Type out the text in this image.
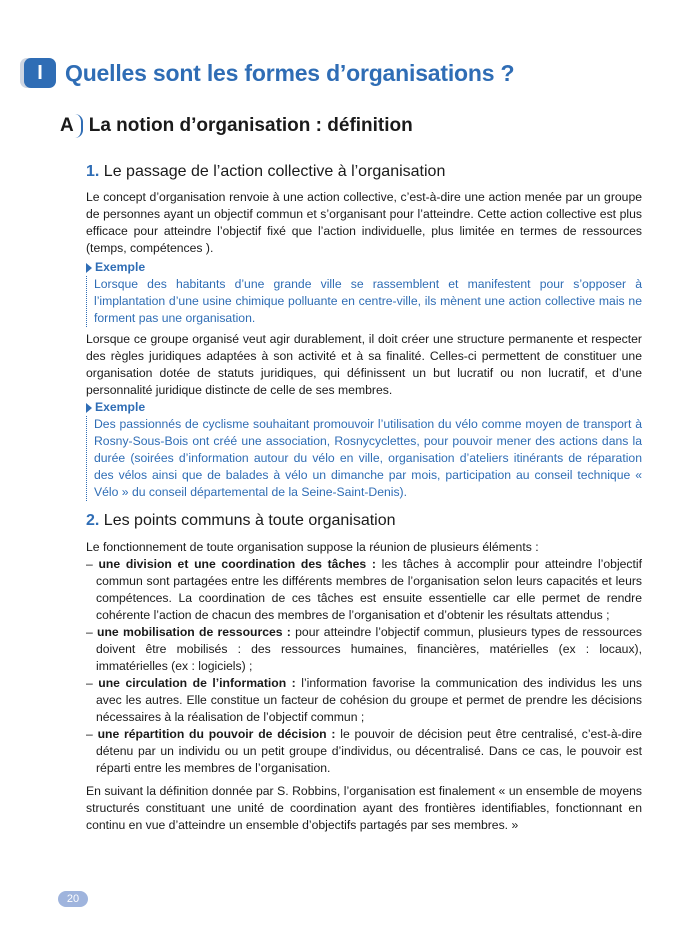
I Quelles sont les formes d’organisations ?
A La notion d’organisation : définition
1. Le passage de l’action collective à l’organisation
Le concept d’organisation renvoie à une action collective, c’est-à-dire une action menée par un groupe de personnes ayant un objectif commun et s’organisant pour l’atteindre. Cette action collective est plus efficace pour atteindre l’objectif fixé que l’action individuelle, plus limitée en termes de ressources (temps, compétences ).
Exemple
Lorsque des habitants d’une grande ville se rassemblent et manifestent pour s’opposer à l’implantation d’une usine chimique polluante en centre-ville, ils mènent une action collective mais ne forment pas une organisation.
Lorsque ce groupe organisé veut agir durablement, il doit créer une structure permanente et respecter des règles juridiques adaptées à son activité et à sa finalité. Celles-ci permettent de constituer une organisation dotée de statuts juridiques, qui définissent un but lucratif ou non lucratif, et d’une personnalité juridique distincte de celle de ses membres.
Exemple
Des passionnés de cyclisme souhaitant promouvoir l’utilisation du vélo comme moyen de transport à Rosny-Sous-Bois ont créé une association, Rosnycyclettes, pour pouvoir mener des actions dans la durée (soirées d’information autour du vélo en ville, organisation d’ateliers itinérants de réparation des vélos ainsi que de balades à vélo un dimanche par mois, participation au conseil technique « Vélo » du conseil départemental de la Seine-Saint-Denis).
2. Les points communs à toute organisation
Le fonctionnement de toute organisation suppose la réunion de plusieurs éléments :
– une division et une coordination des tâches : les tâches à accomplir pour atteindre l’objectif commun sont partagées entre les différents membres de l’organisation selon leurs capacités et leurs compétences. La coordination de ces tâches est ensuite essentielle car elle permet de rendre cohérente l’action de chacun des membres de l’organisation et d’obtenir les résultats attendus ;
– une mobilisation de ressources : pour atteindre l’objectif commun, plusieurs types de ressources doivent être mobilisés : des ressources humaines, financières, matérielles (ex : locaux), immatérielles (ex : logiciels) ;
– une circulation de l’information : l’information favorise la communication des individus les uns avec les autres. Elle constitue un facteur de cohésion du groupe et permet de prendre les décisions nécessaires à la réalisation de l’objectif commun ;
– une répartition du pouvoir de décision : le pouvoir de décision peut être centralisé, c’est-à-dire détenu par un individu ou un petit groupe d’individus, ou décentralisé. Dans ce cas, le pouvoir est réparti entre les membres de l’organisation.
En suivant la définition donnée par S. Robbins, l’organisation est finalement « un ensemble de moyens structurés constituant une unité de coordination ayant des frontières identifiables, fonctionnant en continu en vue d’atteindre un ensemble d’objectifs partagés par ses membres. »
20
